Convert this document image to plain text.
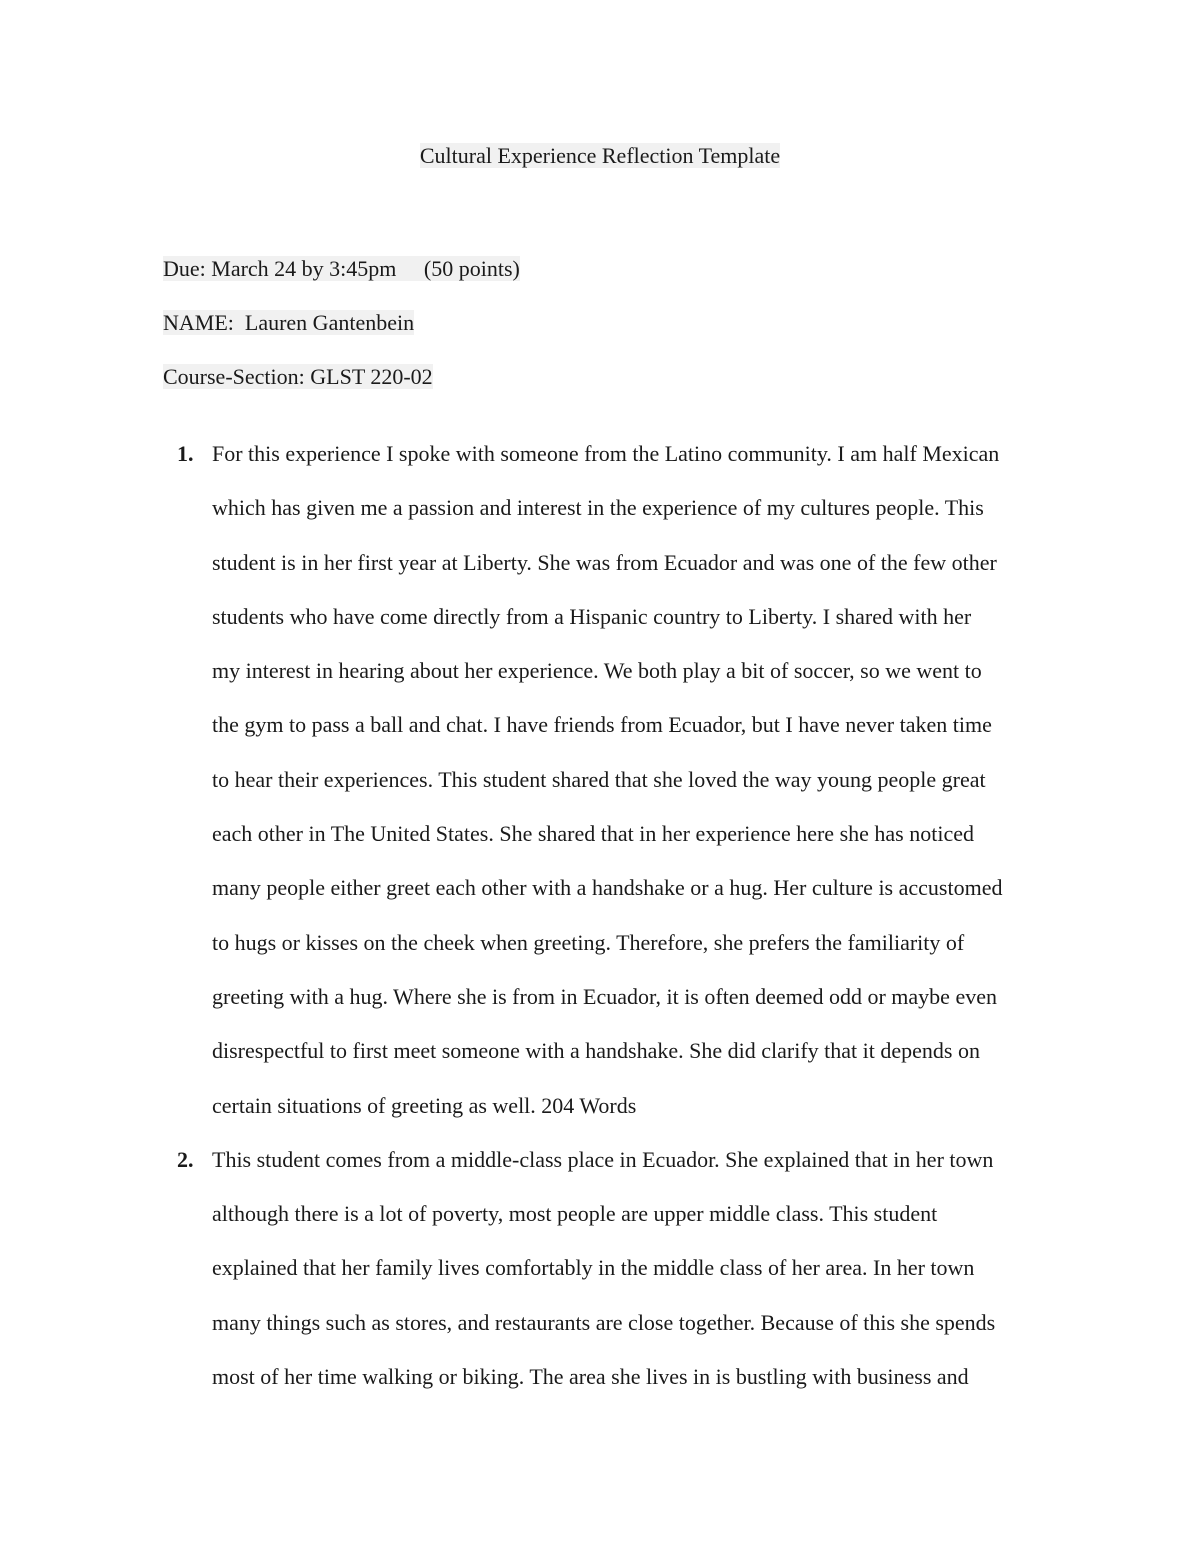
Cultural Experience Reflection Template

Due: March 24 by 3:45pm     (50 points)

NAME:  Lauren Gantenbein

Course-Section: GLST 220-02

1. For this experience I spoke with someone from the Latino community. I am half Mexican
which has given me a passion and interest in the experience of my cultures people. This
student is in her first year at Liberty. She was from Ecuador and was one of the few other
students who have come directly from a Hispanic country to Liberty. I shared with her
my interest in hearing about her experience. We both play a bit of soccer, so we went to
the gym to pass a ball and chat. I have friends from Ecuador, but I have never taken time
to hear their experiences. This student shared that she loved the way young people great
each other in The United States. She shared that in her experience here she has noticed
many people either greet each other with a handshake or a hug. Her culture is accustomed
to hugs or kisses on the cheek when greeting. Therefore, she prefers the familiarity of
greeting with a hug. Where she is from in Ecuador, it is often deemed odd or maybe even
disrespectful to first meet someone with a handshake. She did clarify that it depends on
certain situations of greeting as well. 204 Words
2. This student comes from a middle-class place in Ecuador. She explained that in her town
although there is a lot of poverty, most people are upper middle class. This student
explained that her family lives comfortably in the middle class of her area. In her town
many things such as stores, and restaurants are close together. Because of this she spends
most of her time walking or biking. The area she lives in is bustling with business and
